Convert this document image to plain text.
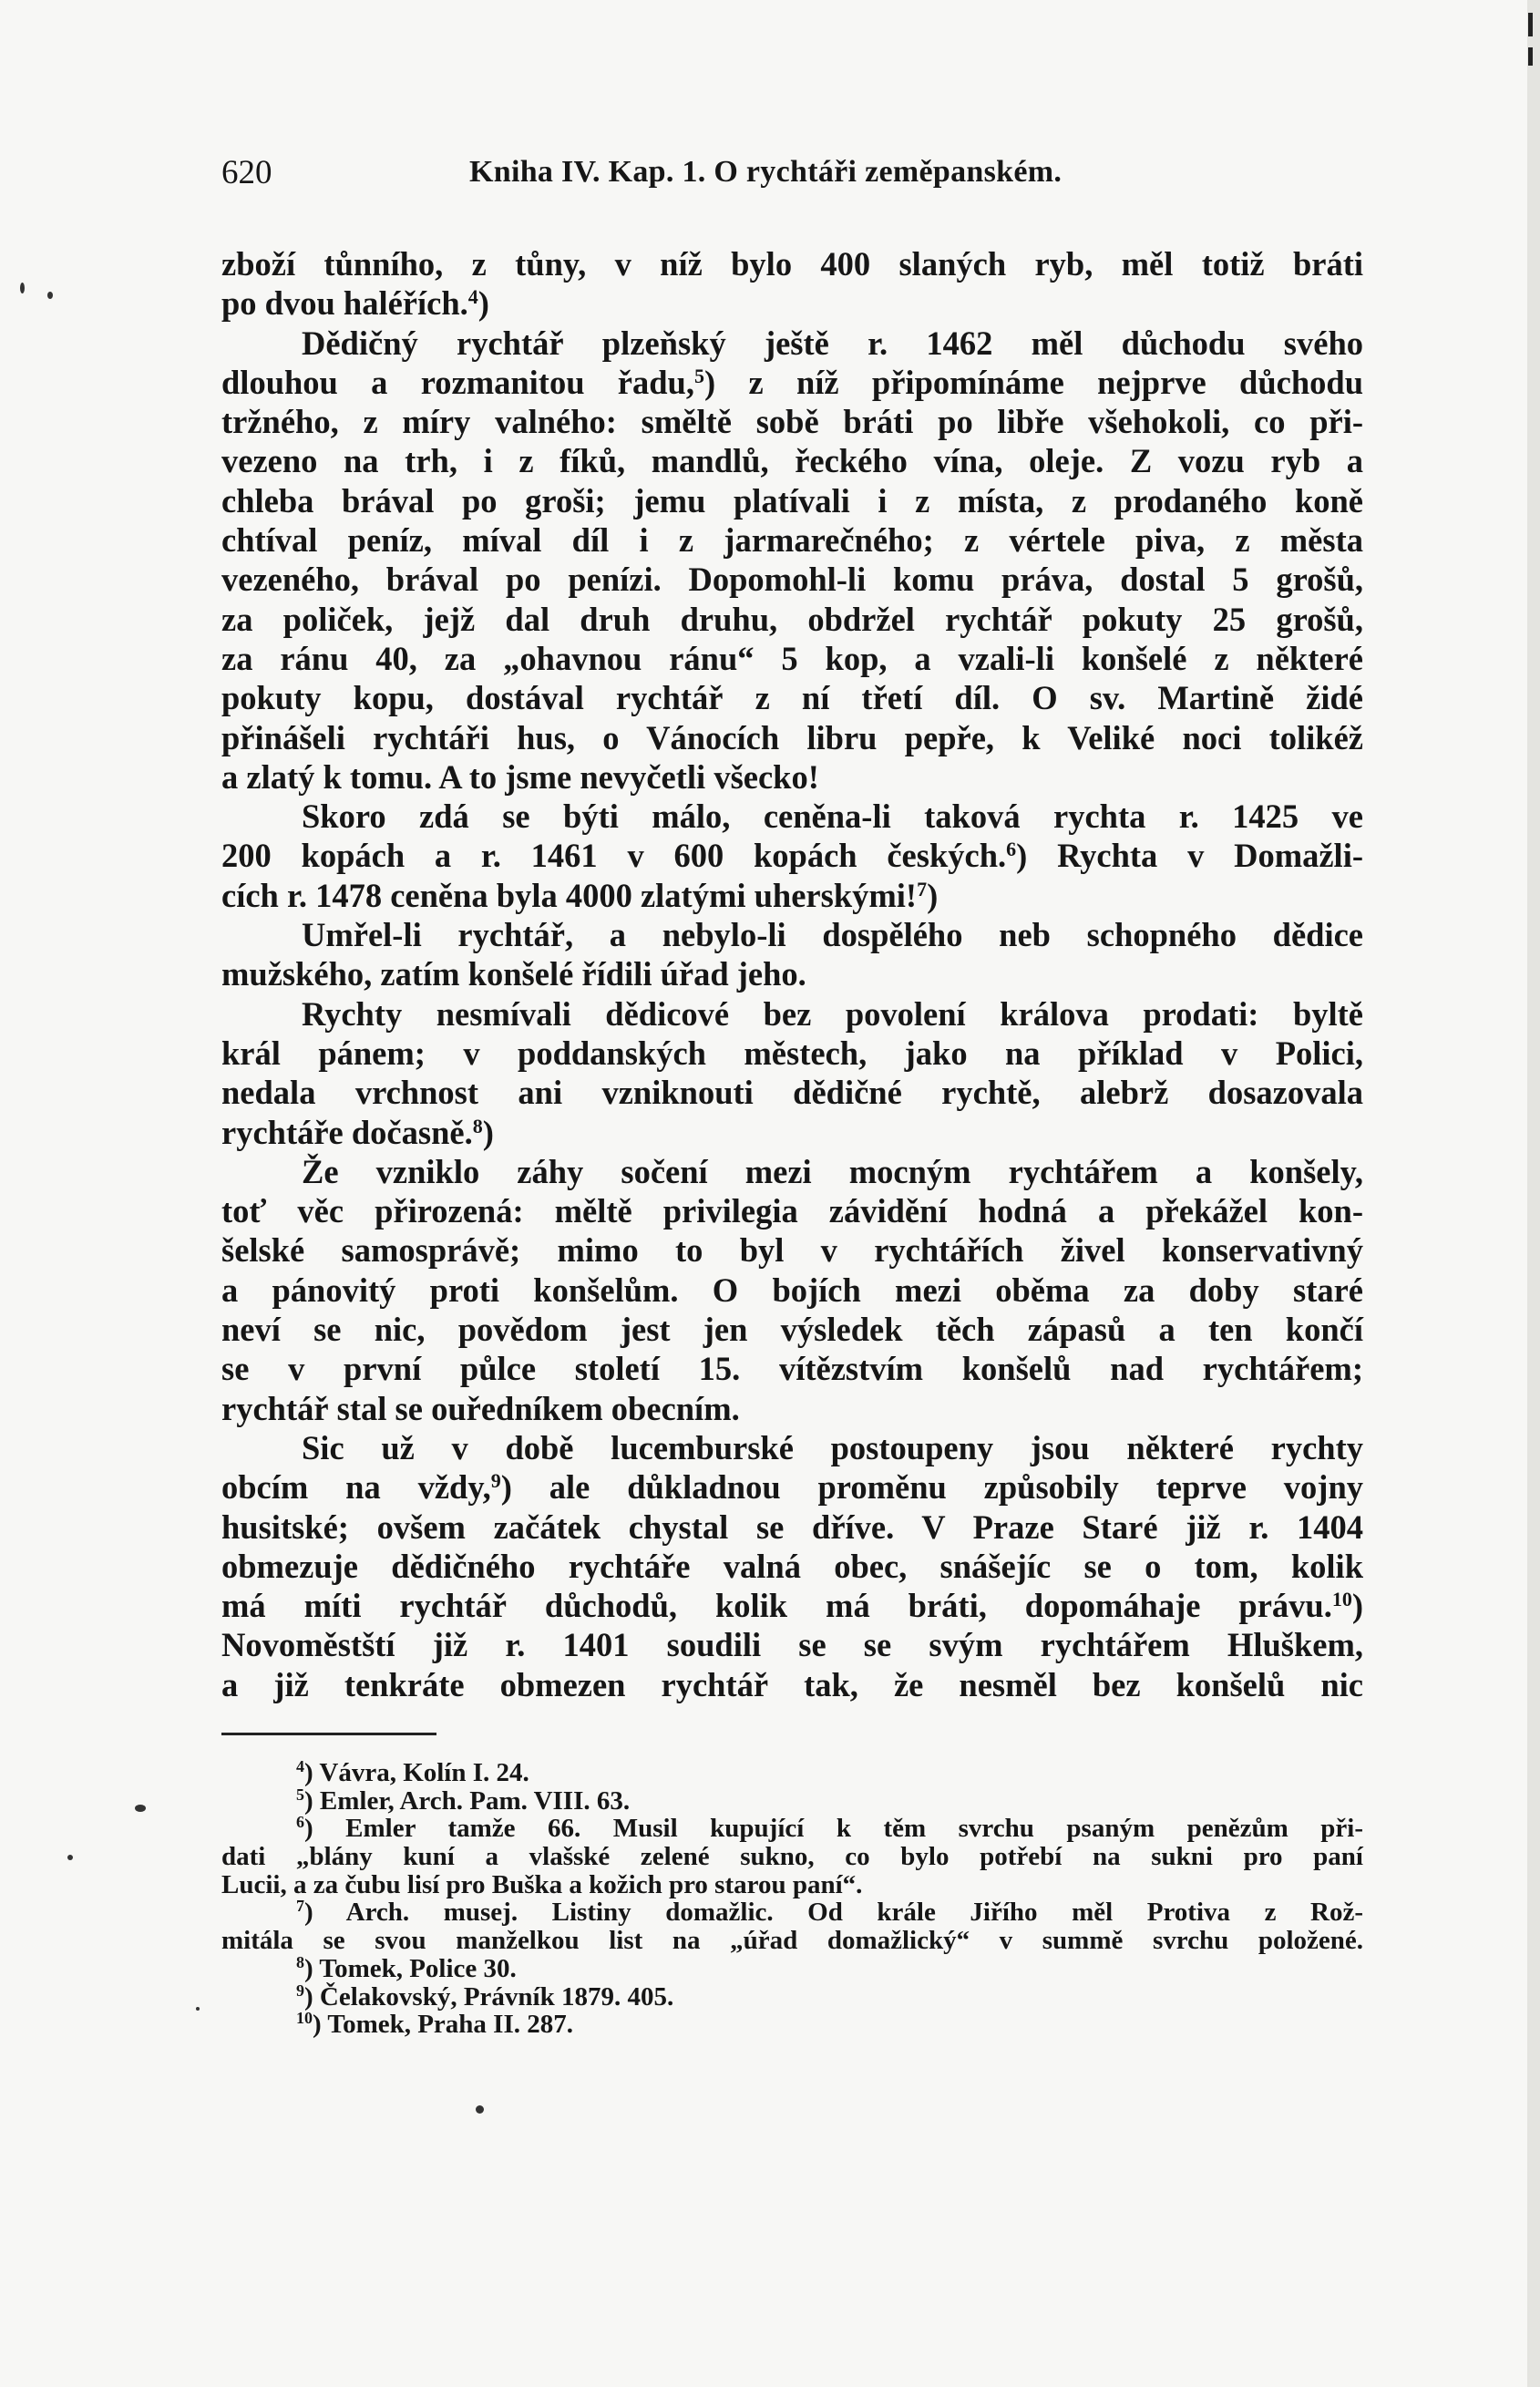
620	Kniha IV. Kap. 1. O rychtáři zeměpanském.
zboží tůnního, z tůny, v níž bylo 400 slaných ryb, měl totiž bráti
po dvou haléřích.$^4$)
Dědičný rychtář plzeňský ještě r. 1462 měl důchodu svého
dlouhou a rozmanitou řadu,$^5$) z níž připomínáme nejprve důchodu
tržného, z míry valného: směltě sobě bráti po libře všehokoli, co při-
vezeno na trh, i z fíků, mandlů, řeckého vína, oleje. Z vozu ryb a
chleba brával po groši; jemu platívali i z místa, z prodaného koně
chtíval peníz, míval díl i z jarmarečného; z vértele piva, z města
vezeného, brával po penízi. Dopomohl-li komu práva, dostal 5 grošů,
za poliček, jejž dal druh druhu, obdržel rychtář pokuty 25 grošů,
za ránu 40, za „ohavnou ránu“ 5 kop, a vzali-li konšelé z některé
pokuty kopu, dostával rychtář z ní třetí díl. O sv. Martině židé
přinášeli rychtáři hus, o Vánocích libru pepře, k Veliké noci tolikéž
a zlatý k tomu. A to jsme nevyčetli všecko!
Skoro zdá se býti málo, ceněna-li taková rychta r. 1425 ve
200 kopách a r. 1461 v 600 kopách českých.$^6$) Rychta v Domažli-
cích r. 1478 ceněna byla 4000 zlatými uherskými!$^7$)
Umřel-li rychtář, a nebylo-li dospělého neb schopného dědice
mužského, zatím konšelé řídili úřad jeho.
Rychty nesmívali dědicové bez povolení králova prodati: byltě
král pánem; v poddanských městech, jako na příklad v Polici,
nedala vrchnost ani vzniknouti dědičné rychtě, alebrž dosazovala
rychtáře dočasně.$^8$)
Že vzniklo záhy sočení mezi mocným rychtářem a konšely,
toť věc přirozená: měltě privilegia závidění hodná a překážel kon-
šelské samosprávě; mimo to byl v rychtářích živel konservativný
a pánovitý proti konšelům. O bojích mezi oběma za doby staré
neví se nic, povědom jest jen výsledek těch zápasů a ten končí
se v první půlce století 15. vítězstvím konšelů nad rychtářem;
rychtář stal se ouředníkem obecním.
Sic už v době lucemburské postoupeny jsou některé rychty
obcím na vždy,$^9$) ale důkladnou proměnu způsobily teprve vojny
husitské; ovšem začátek chystal se dříve. V Praze Staré již r. 1404
obmezuje dědičného rychtáře valná obec, snášejíc se o tom, kolik
má míti rychtář důchodů, kolik má bráti, dopomáhaje právu.$^{10}$)
Novoměstští již r. 1401 soudili se se svým rychtářem Hluškem,
a již tenkráte obmezen rychtář tak, že nesměl bez konšelů nic
$^4$) Vávra, Kolín I. 24.
$^5$) Emler, Arch. Pam. VIII. 63.
$^6$) Emler tamže 66. Musil kupující k těm svrchu psaným penězům při-
dati „blány kuní a vlašské zelené sukno, co bylo potřebí na sukni pro paní
Lucii, a za čubu lisí pro Buška a kožich pro starou paní“.
$^7$) Arch. musej. Listiny domažlic. Od krále Jiřího měl Protiva z Rož-
mitála se svou manželkou list na „úřad domažlický“ v summě svrchu položené.
$^8$) Tomek, Police 30.
$^9$) Čelakovský, Právník 1879. 405.
$^{10}$) Tomek, Praha II. 287.
